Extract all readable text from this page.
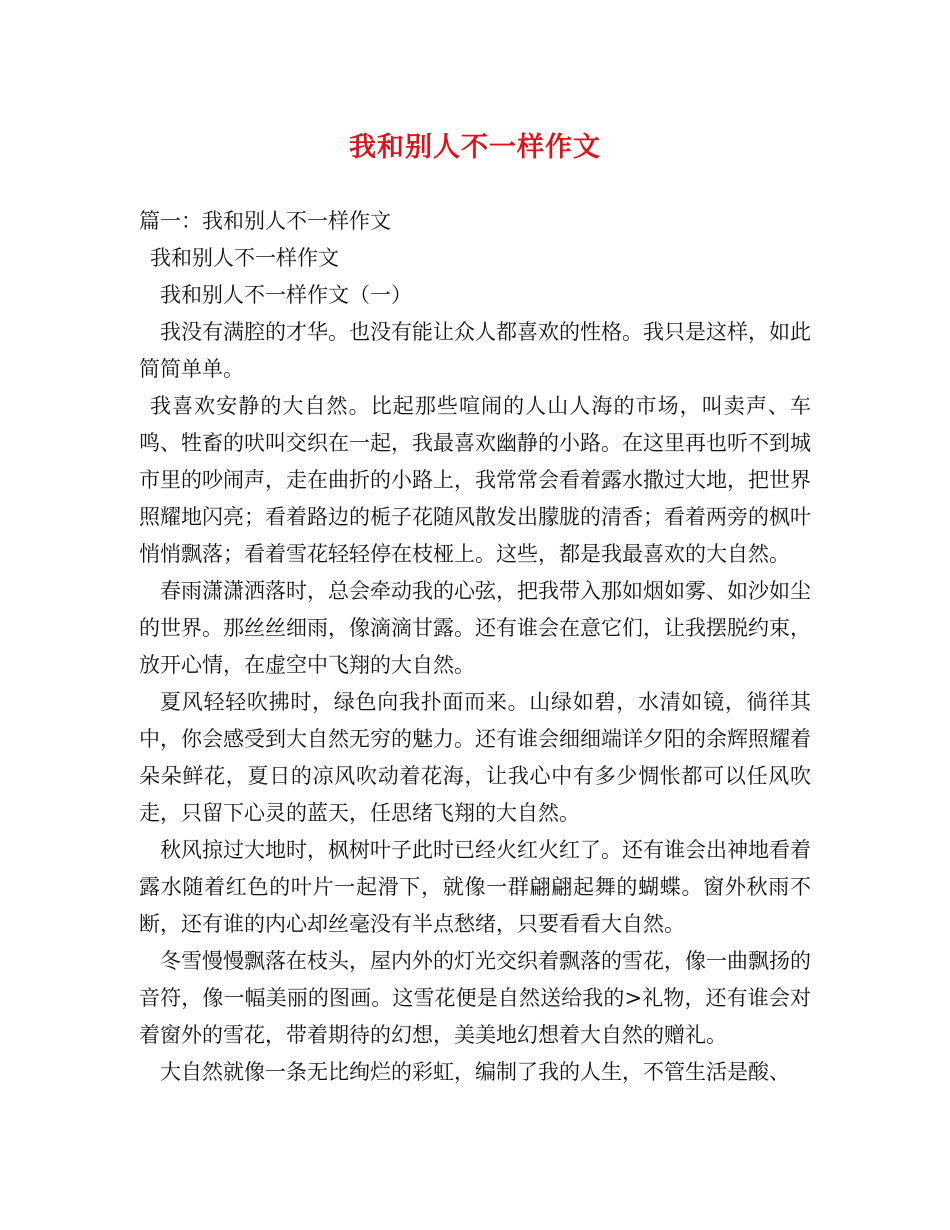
我和别人不一样作文
篇一：我和别人不一样作文
我和别人不一样作文
我和别人不一样作文（一）

我没有满腔的才华。也没有能让众人都喜欢的性格。我只是这样，如此简简单单。

我喜欢安静的大自然。比起那些喧闹的人山人海的市场，叫卖声、车鸣、牲畜的吠叫交织在一起，我最喜欢幽静的小路。在这里再也听不到城市里的吵闹声，走在曲折的小路上，我常常会看着露水撒过大地，把世界照耀地闪亮；看着路边的栀子花随风散发出朦胧的清香；看着两旁的枫叶悄悄飘落；看着雪花轻轻停在枝桠上。这些，都是我最喜欢的大自然。

春雨潇潇洒落时，总会牵动我的心弦，把我带入那如烟如雾、如沙如尘的世界。那丝丝细雨，像滴滴甘露。还有谁会在意它们，让我摆脱约束，放开心情，在虚空中飞翔的大自然。

夏风轻轻吹拂时，绿色向我扑面而来。山绿如碧，水清如镜，徜徉其中，你会感受到大自然无穷的魅力。还有谁会细细端详夕阳的余辉照耀着朵朵鲜花，夏日的凉风吹动着花海，让我心中有多少惆怅都可以任风吹走，只留下心灵的蓝天，任思绪飞翔的大自然。

秋风掠过大地时，枫树叶子此时已经火红火红了。还有谁会出神地看着露水随着红色的叶片一起滑下，就像一群翩翩起舞的蝴蝶。窗外秋雨不断，还有谁的内心却丝毫没有半点愁绪，只要看看大自然。

冬雪慢慢飘落在枝头，屋内外的灯光交织着飘落的雪花，像一曲飘扬的音符，像一幅美丽的图画。这雪花便是自然送给我的>礼物，还有谁会对着窗外的雪花，带着期待的幻想，美美地幻想着大自然的赠礼。

大自然就像一条无比绚烂的彩虹，编制了我的人生，不管生活是酸、
